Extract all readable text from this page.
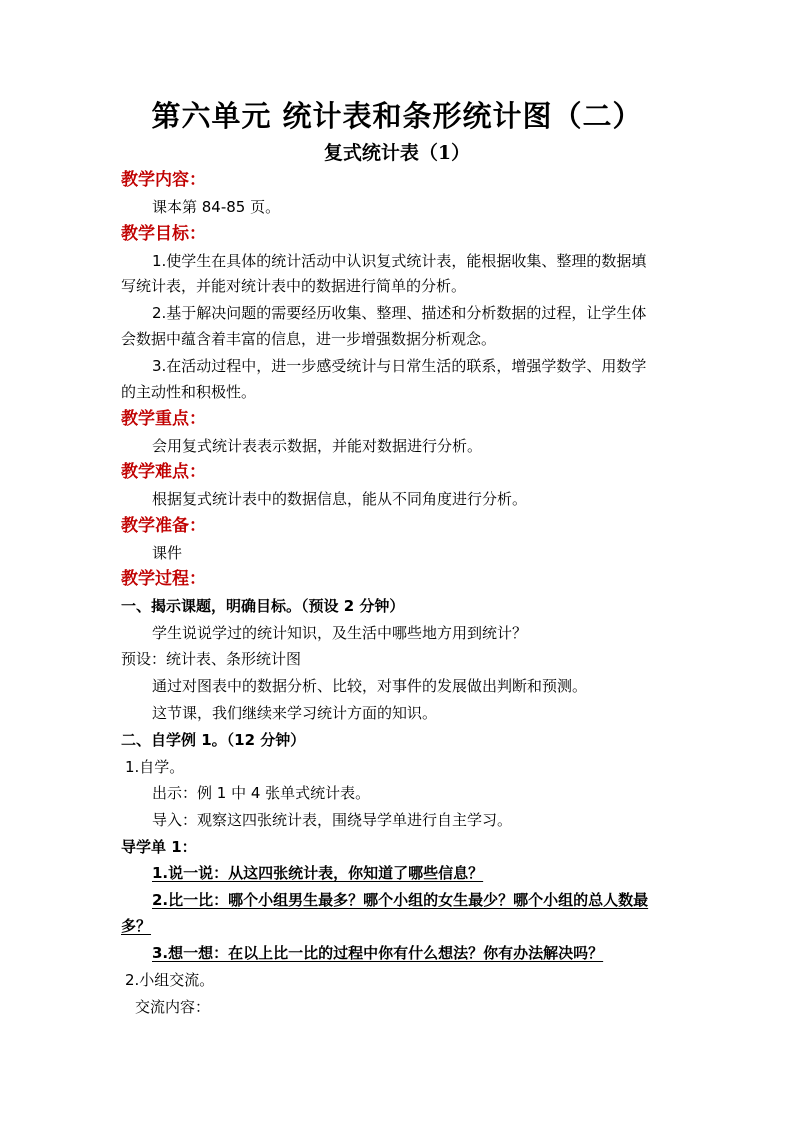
第六单元 统计表和条形统计图（二）
复式统计表（1）
教学内容：
课本第 84-85 页。
教学目标：
1.使学生在具体的统计活动中认识复式统计表，能根据收集、整理的数据填
写统计表，并能对统计表中的数据进行简单的分析。
2.基于解决问题的需要经历收集、整理、描述和分析数据的过程，让学生体
会数据中蕴含着丰富的信息，进一步增强数据分析观念。
3.在活动过程中，进一步感受统计与日常生活的联系，增强学数学、用数学
的主动性和积极性。
教学重点：
会用复式统计表表示数据，并能对数据进行分析。
教学难点：
根据复式统计表中的数据信息，能从不同角度进行分析。
教学准备：
课件
教学过程：
一、揭示课题，明确目标。（预设 2 分钟）
学生说说学过的统计知识，及生活中哪些地方用到统计？
预设：统计表、条形统计图
通过对图表中的数据分析、比较，对事件的发展做出判断和预测。
这节课，我们继续来学习统计方面的知识。
二、自学例 1。（12 分钟）
1.自学。
出示：例 1 中 4 张单式统计表。
导入：观察这四张统计表，围绕导学单进行自主学习。
导学单 1：
1.说一说：从这四张统计表，你知道了哪些信息？
2.比一比：哪个小组男生最多？哪个小组的女生最少？哪个小组的总人数最
多？
3.想一想：在以上比一比的过程中你有什么想法？你有办法解决吗？
2.小组交流。
交流内容：
